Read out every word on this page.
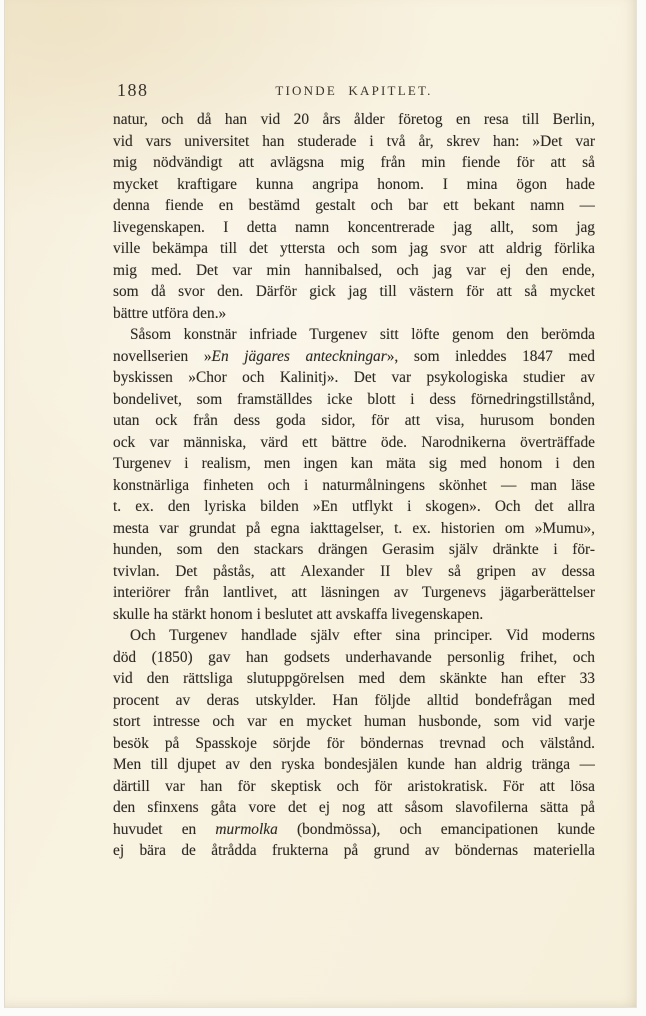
188	TIONDE KAPITLET.
natur, och då han vid 20 års ålder företog en resa till Berlin,
vid vars universitet han studerade i två år, skrev han: »Det var
mig nödvändigt att avlägsna mig från min fiende för att så
mycket kraftigare kunna angripa honom. I mina ögon hade
denna fiende en bestämd gestalt och bar ett bekant namn —
livegenskapen. I detta namn koncentrerade jag allt, som jag
ville bekämpa till det yttersta och som jag svor att aldrig förlika
mig med. Det var min hannibalsed, och jag var ej den ende,
som då svor den. Därför gick jag till västern för att så mycket
bättre utföra den.»
Såsom konstnär infriade Turgenev sitt löfte genom den berömda
novellserien »En jägares anteckningar», som inleddes 1847 med
byskissen »Chor och Kalinitj». Det var psykologiska studier av
bondelivet, som framställdes icke blott i dess förnedringstillstånd,
utan ock från dess goda sidor, för att visa, hurusom bonden
ock var människa, värd ett bättre öde. Narodnikerna överträffade
Turgenev i realism, men ingen kan mäta sig med honom i den
konstnärliga finheten och i naturmålningens skönhet — man läse
t. ex. den lyriska bilden »En utflykt i skogen». Och det allra
mesta var grundat på egna iakttagelser, t. ex. historien om »Mumu»,
hunden, som den stackars drängen Gerasim själv dränkte i för-
tvivlan. Det påstås, att Alexander II blev så gripen av dessa
interiörer från lantlivet, att läsningen av Turgenevs jägarberättelser
skulle ha stärkt honom i beslutet att avskaffa livegenskapen.
Och Turgenev handlade själv efter sina principer. Vid moderns
död (1850) gav han godsets underhavande personlig frihet, och
vid den rättsliga slutuppgörelsen med dem skänkte han efter 33
procent av deras utskylder. Han följde alltid bondefrågan med
stort intresse och var en mycket human husbonde, som vid varje
besök på Spasskoje sörjde för böndernas trevnad och välstånd.
Men till djupet av den ryska bondesjälen kunde han aldrig tränga —
därtill var han för skeptisk och för aristokratisk. För att lösa
den sfinxens gåta vore det ej nog att såsom slavofilerna sätta på
huvudet en murmolka (bondmössa), och emancipationen kunde
ej bära de åtrådda frukterna på grund av böndernas materiella
